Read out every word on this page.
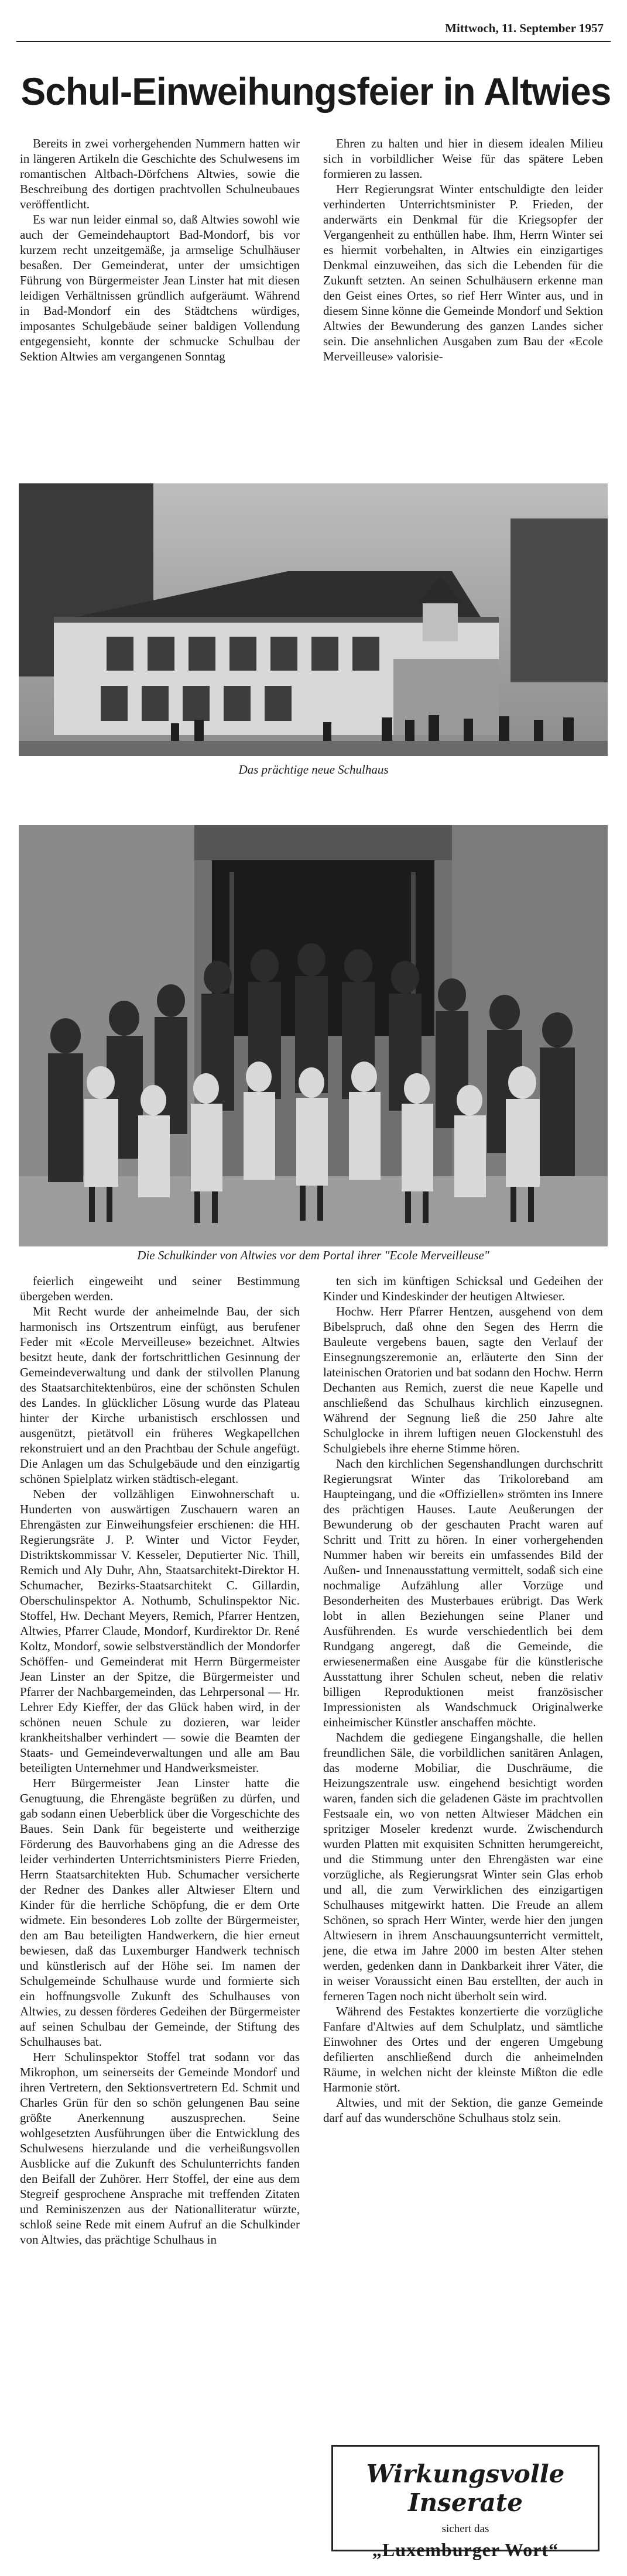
Mittwoch, 11. September 1957
Schul-Einweihungsfeier in Altwies

Bereits in zwei vorhergehenden Nummern hatten wir in längeren Artikeln die Geschichte des Schulwesens im romantischen Altbach-Dörfchens Altwies, sowie die Beschreibung des dortigen prachtvollen Schulneubaues veröffentlicht.

Es war nun leider einmal so, daß Altwies sowohl wie auch der Gemeindehauptort Bad-Mondorf, bis vor kurzem recht unzeitgemäße, ja armselige Schulhäuser besaßen. Der Gemeinderat, unter der umsichtigen Führung von Bürgermeister Jean Linster hat mit diesen leidigen Verhältnissen gründlich aufgeräumt. Während in Bad-Mondorf ein des Städtchens würdiges, imposantes Schulgebäude seiner baldigen Vollendung entgegensieht, konnte der schmucke Schulbau der Sektion Altwies am vergangenen Sonntag

Ehren zu halten und hier in diesem idealen Milieu sich in vorbildlicher Weise für das spätere Leben formieren zu lassen.

Herr Regierungsrat Winter entschuldigte den leider verhinderten Unterrichtsminister P. Frieden, der anderwärts ein Denkmal für die Kriegsopfer der Vergangenheit zu enthüllen habe. Ihm, Herrn Winter sei es hiermit vorbehalten, in Altwies ein einzigartiges Denkmal einzuweihen, das sich die Lebenden für die Zukunft setzten. An seinen Schulhäusern erkenne man den Geist eines Ortes, so rief Herr Winter aus, und in diesem Sinne könne die Gemeinde Mondorf und Sektion Altwies der Bewunderung des ganzen Landes sicher sein. Die ansehnlichen Ausgaben zum Bau der «Ecole Merveilleuse» valorisie-

Das prächtige neue Schulhaus
Die Schulkinder von Altwies vor dem Portal ihrer "Ecole Merveilleuse"

feierlich eingeweiht und seiner Bestimmung übergeben werden.

Mit Recht wurde der anheimelnde Bau, der sich harmonisch ins Ortszentrum einfügt, aus berufener Feder mit «Ecole Merveilleuse» bezeichnet. Altwies besitzt heute, dank der fortschrittlichen Gesinnung der Gemeindeverwaltung und dank der stilvollen Planung des Staatsarchitektenbüros, eine der schönsten Schulen des Landes. In glücklicher Lösung wurde das Plateau hinter der Kirche urbanistisch erschlossen und ausgenützt, pietätvoll ein früheres Wegkapellchen rekonstruiert und an den Prachtbau der Schule angefügt. Die Anlagen um das Schulgebäude und den einzigartig schönen Spielplatz wirken städtisch-elegant.

Neben der vollzähligen Einwohnerschaft u. Hunderten von auswärtigen Zuschauern waren an Ehrengästen zur Einweihungsfeier erschienen: die HH. Regierungsräte J. P. Winter und Victor Feyder, Distriktskommissar V. Kesseler, Deputierter Nic. Thill, Remich und Aly Duhr, Ahn, Staatsarchitekt-Direktor H. Schumacher, Bezirks-Staatsarchitekt C. Gillardin, Oberschulinspektor A. Nothumb, Schulinspektor Nic. Stoffel, Hw. Dechant Meyers, Remich, Pfarrer Hentzen, Altwies, Pfarrer Claude, Mondorf, Kurdirektor Dr. René Koltz, Mondorf, sowie selbstverständlich der Mondorfer Schöffen- und Gemeinderat mit Herrn Bürgermeister Jean Linster an der Spitze, die Bürgermeister und Pfarrer der Nachbargemeinden, das Lehrpersonal — Hr. Lehrer Edy Kieffer, der das Glück haben wird, in der schönen neuen Schule zu dozieren, war leider krankheitshalber verhindert — sowie die Beamten der Staats- und Gemeindeverwaltungen und alle am Bau beteiligten Unternehmer und Handwerksmeister.

Herr Bürgermeister Jean Linster hatte die Genugtuung, die Ehrengäste begrüßen zu dürfen, und gab sodann einen Ueberblick über die Vorgeschichte des Baues. Sein Dank für begeisterte und weitherzige Förderung des Bauvorhabens ging an die Adresse des leider verhinderten Unterrichtsministers Pierre Frieden, Herrn Staatsarchitekten Hub. Schumacher versicherte der Redner des Dankes aller Altwieser Eltern und Kinder für die herrliche Schöpfung, die er dem Orte widmete. Ein besonderes Lob zollte der Bürgermeister, den am Bau beteiligten Handwerkern, die hier erneut bewiesen, daß das Luxemburger Handwerk technisch und künstlerisch auf der Höhe sei. Im namen der Schulgemeinde Schulhause wurde und formierte sich ein hoffnungsvolle Zukunft des Schulhauses von Altwies, zu dessen förderes Gedeihen der Bürgermeister auf seinen Schulbau der Gemeinde, der Stiftung des Schulhauses bat.

Herr Schulinspektor Stoffel trat sodann vor das Mikrophon, um seinerseits der Gemeinde Mondorf und ihren Vertretern, den Sektionsvertretern Ed. Schmit und Charles Grün für den so schön gelungenen Bau seine größte Anerkennung auszusprechen. Seine wohlgesetzten Ausführungen über die Entwicklung des Schulwesens hierzulande und die verheißungsvollen Ausblicke auf die Zukunft des Schulunterrichts fanden den Beifall der Zuhörer. Herr Stoffel, der eine aus dem Stegreif gesprochene Ansprache mit treffenden Zitaten und Reminiszenzen aus der Nationalliteratur würzte, schloß seine Rede mit einem Aufruf an die Schulkinder von Altwies, das prächtige Schulhaus in

ten sich im künftigen Schicksal und Gedeihen der Kinder und Kindeskinder der heutigen Altwieser.

Hochw. Herr Pfarrer Hentzen, ausgehend von dem Bibelspruch, daß ohne den Segen des Herrn die Bauleute vergebens bauen, sagte den Verlauf der Einsegnungszeremonie an, erläuterte den Sinn der lateinischen Oratorien und bat sodann den Hochw. Herrn Dechanten aus Remich, zuerst die neue Kapelle und anschließend das Schulhaus kirchlich einzusegnen. Während der Segnung ließ die 250 Jahre alte Schulglocke in ihrem luftigen neuen Glockenstuhl des Schulgiebels ihre eherne Stimme hören.

Nach den kirchlichen Segenshandlungen durchschritt Regierungsrat Winter das Trikoloreband am Haupteingang, und die «Offiziellen» strömten ins Innere des prächtigen Hauses. Laute Aeußerungen der Bewunderung ob der geschauten Pracht waren auf Schritt und Tritt zu hören. In einer vorhergehenden Nummer haben wir bereits ein umfassendes Bild der Außen- und Innenausstattung vermittelt, sodaß sich eine nochmalige Aufzählung aller Vorzüge und Besonderheiten des Musterbaues erübrigt. Das Werk lobt in allen Beziehungen seine Planer und Ausführenden. Es wurde verschiedentlich bei dem Rundgang angeregt, daß die Gemeinde, die erwiesenermaßen eine Ausgabe für die künstlerische Ausstattung ihrer Schulen scheut, neben die relativ billigen Reproduktionen meist französischer Impressionisten als Wandschmuck Originalwerke einheimischer Künstler anschaffen möchte.

Nachdem die gediegene Eingangshalle, die hellen freundlichen Säle, die vorbildlichen sanitären Anlagen, das moderne Mobiliar, die Duschräume, die Heizungszentrale usw. eingehend besichtigt worden waren, fanden sich die geladenen Gäste im prachtvollen Festsaale ein, wo von netten Altwieser Mädchen ein spritziger Moseler kredenzt wurde. Zwischendurch wurden Platten mit exquisiten Schnitten herumgereicht, und die Stimmung unter den Ehrengästen war eine vorzügliche, als Regierungsrat Winter sein Glas erhob und all, die zum Verwirklichen des einzigartigen Schulhauses mitgewirkt hatten. Die Freude an allem Schönen, so sprach Herr Winter, werde hier den jungen Altwiesern in ihrem Anschauungsunterricht vermittelt, jene, die etwa im Jahre 2000 im besten Alter stehen werden, gedenken dann in Dankbarkeit ihrer Väter, die in weiser Voraussicht einen Bau erstellten, der auch in ferneren Tagen noch nicht überholt sein wird.

Während des Festaktes konzertierte die vorzügliche Fanfare d'Altwies auf dem Schulplatz, und sämtliche Einwohner des Ortes und der engeren Umgebung defilierten anschließend durch die anheimelnden Räume, in welchen nicht der kleinste Mißton die edle Harmonie stört.

Altwies, und mit der Sektion, die ganze Gemeinde darf auf das wunderschöne Schulhaus stolz sein.

Wirkungsvolle Inserate
sichert das
„Luxemburger Wort“
